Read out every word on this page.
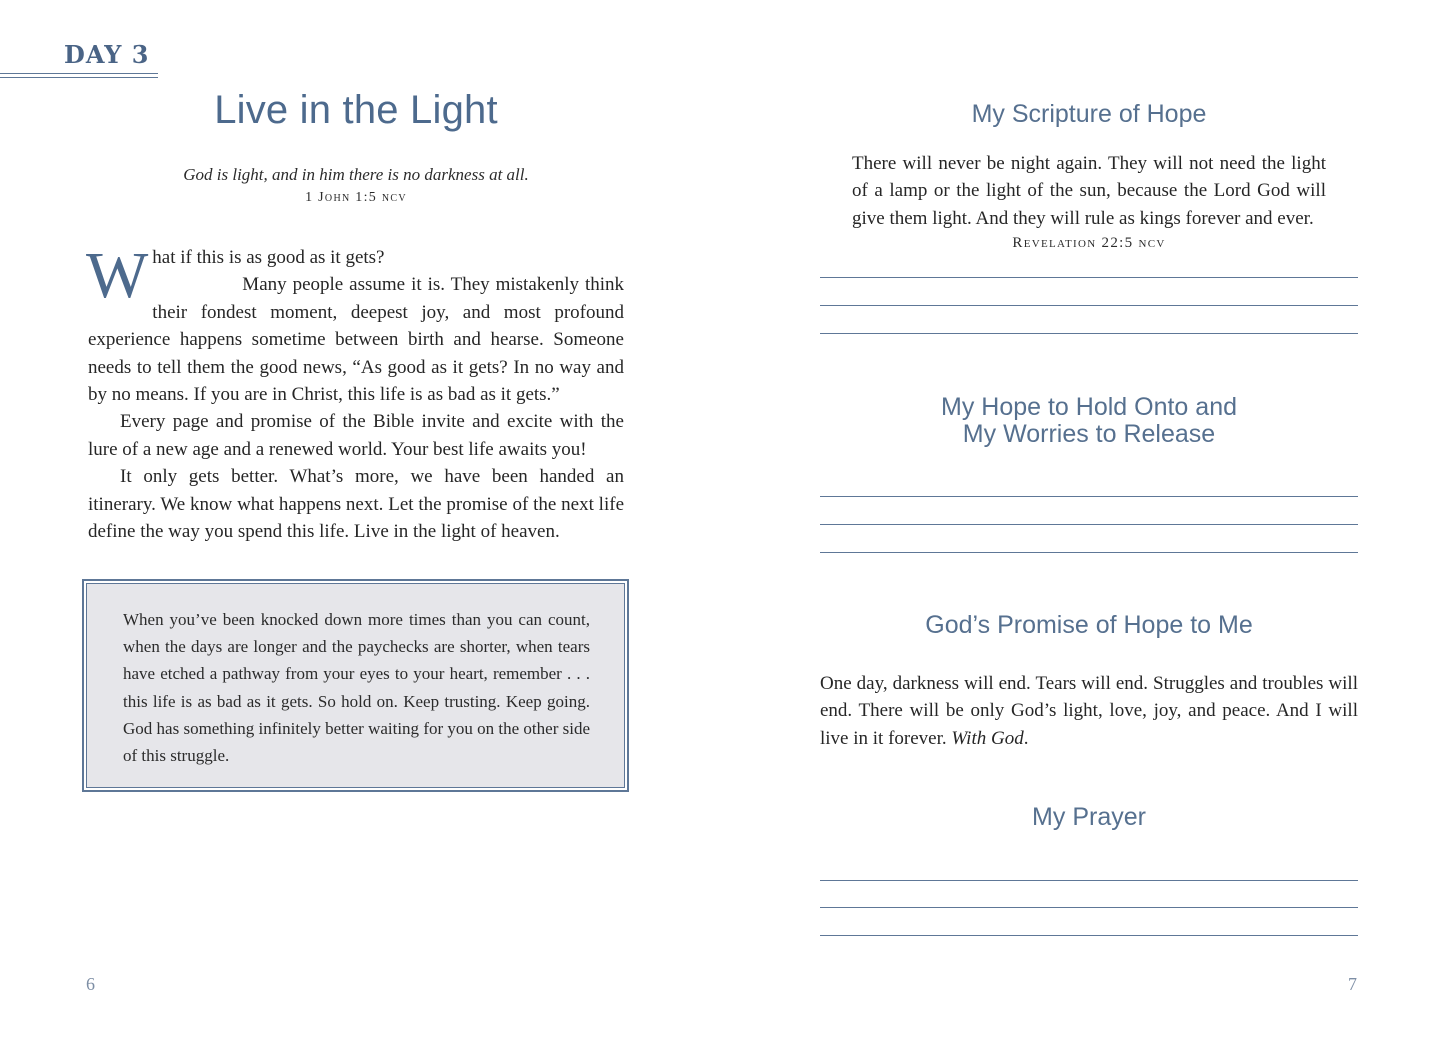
DAY 3
Live in the Light
God is light, and in him there is no darkness at all.
1 John 1:5 ncv
W hat if this is as good as it gets?

Many people assume it is. They mistakenly think their fondest moment, deepest joy, and most profound experience happens sometime between birth and hearse. Someone needs to tell them the good news, “As good as it gets? In no way and by no means. If you are in Christ, this life is as bad as it gets.”

Every page and promise of the Bible invite and excite with the lure of a new age and a renewed world. Your best life awaits you!

It only gets better. What’s more, we have been handed an itinerary. We know what happens next. Let the promise of the next life define the way you spend this life. Live in the light of heaven.

When you’ve been knocked down more times than you can count, when the days are longer and the paychecks are shorter, when tears have etched a pathway from your eyes to your heart, remember . . . this life is as bad as it gets. So hold on. Keep trusting. Keep going. God has something infinitely better waiting for you on the other side of this struggle.
6
My Scripture of Hope
There will never be night again. They will not need the light of a lamp or the light of the sun, because the Lord God will give them light. And they will rule as kings forever and ever.
Revelation 22:5 ncv
My Hope to Hold Onto and
My Worries to Release
God’s Promise of Hope to Me
One day, darkness will end. Tears will end. Struggles and troubles will end. There will be only God’s light, love, joy, and peace. And I will live in it forever. With God.
My Prayer
7
